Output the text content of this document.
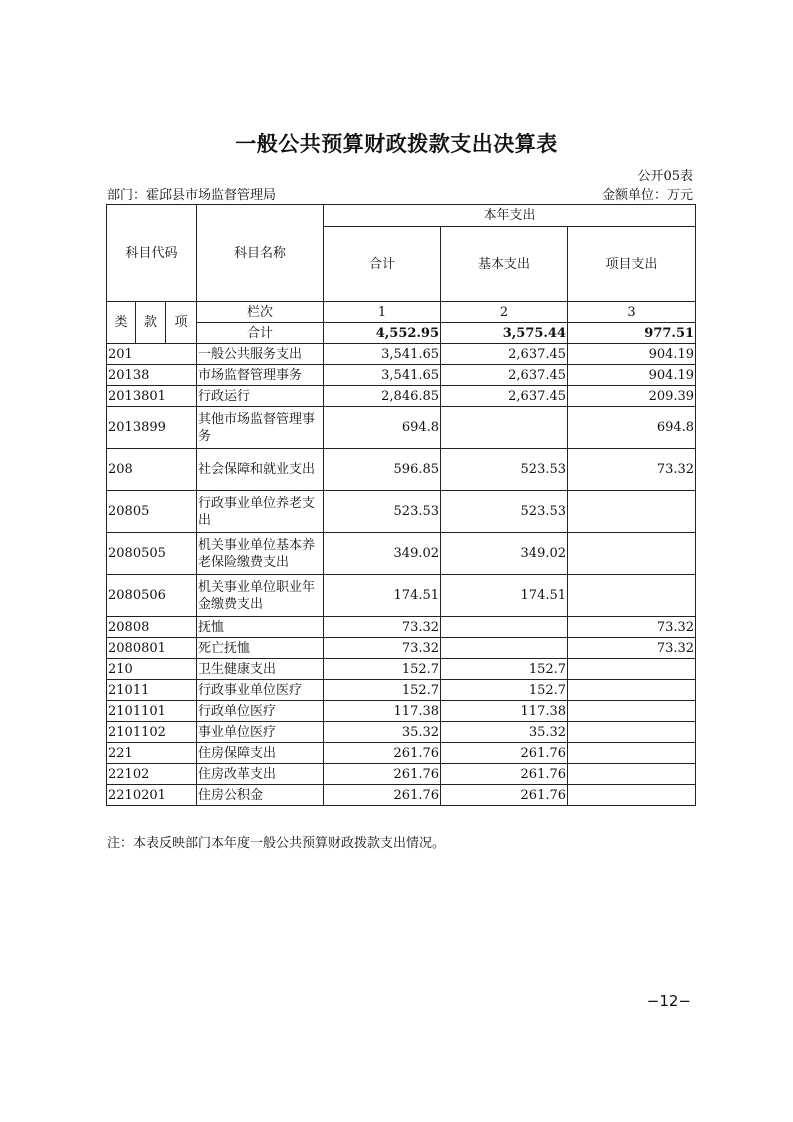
一般公共预算财政拨款支出决算表
公开05表
部门：霍邱县市场监督管理局	金额单位：万元
科目代码			科目名称	本年支出		
				合计	基本支出	项目支出

类	款	项	栏次	1	2	3
			合计	4,552.95	3,575.44	977.51
201			一般公共服务支出	3,541.65	2,637.45	904.19
20138			市场监督管理事务	3,541.65	2,637.45	904.19
2013801			行政运行	2,846.85	2,637.45	209.39
2013899			其他市场监督管理事务	694.8		694.8
208			社会保障和就业支出	596.85	523.53	73.32
20805			行政事业单位养老支出	523.53	523.53	
2080505			机关事业单位基本养老保险缴费支出	349.02	349.02	
2080506			机关事业单位职业年金缴费支出	174.51	174.51	
20808			抚恤	73.32		73.32
2080801			死亡抚恤	73.32		73.32
210			卫生健康支出	152.7	152.7	
21011			行政事业单位医疗	152.7	152.7	
2101101			行政单位医疗	117.38	117.38	
2101102			事业单位医疗	35.32	35.32	
221			住房保障支出	261.76	261.76	
22102			住房改革支出	261.76	261.76	
2210201			住房公积金	261.76	261.76	
注：本表反映部门本年度一般公共预算财政拨款支出情况。
−12−
